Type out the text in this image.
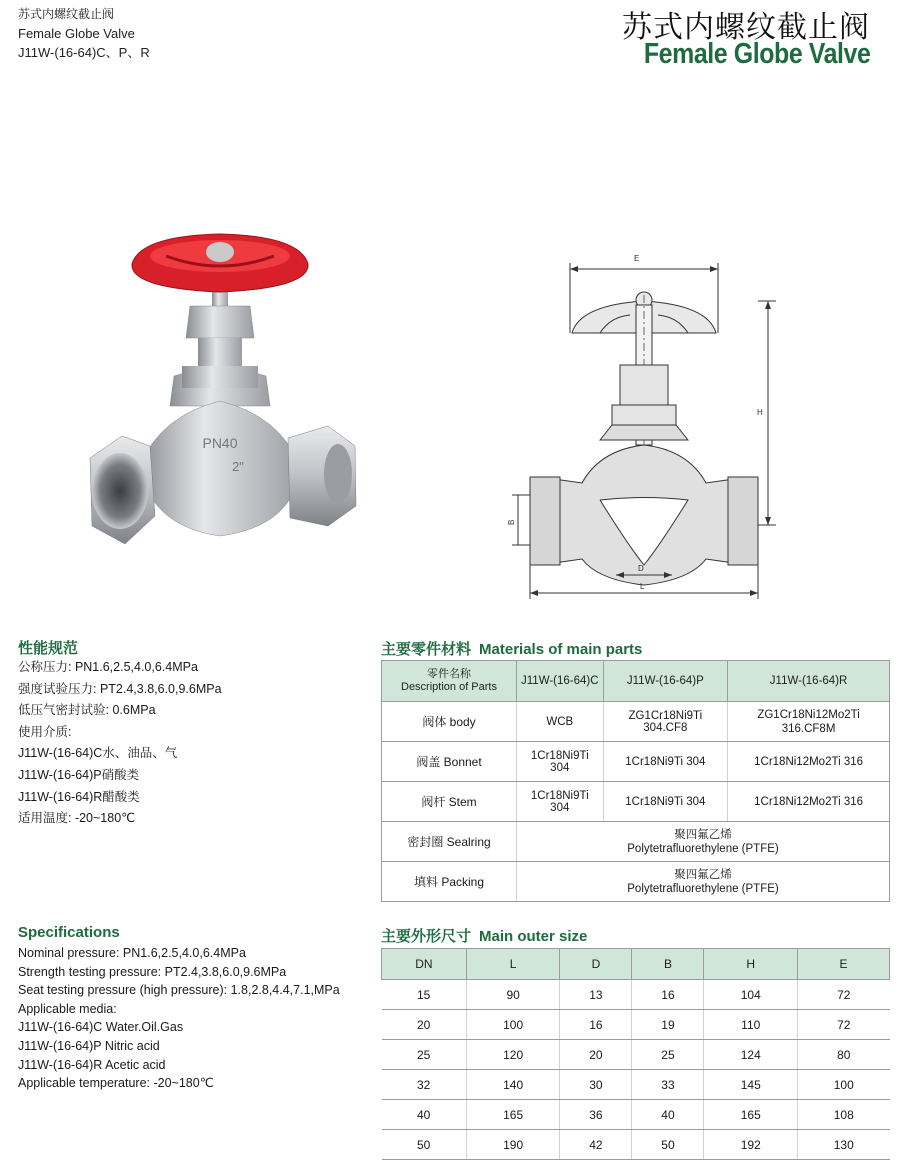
苏式内螺纹截止阀
Female Globe Valve
J11W-(16-64)C、P、R
苏式内螺纹截止阀
Female Globe Valve
PN40
2"
E
H
B
D
L
性能规范
公称压力: PN1.6,2.5,4.0,6.4MPa
强度试验压力: PT2.4,3.8,6.0,9.6MPa
低压气密封试验: 0.6MPa
使用介质:
J11W-(16-64)C水、油品、气
J11W-(16-64)P硝酸类
J11W-(16-64)R醋酸类
适用温度: -20~180℃
Specifications
Nominal pressure: PN1.6,2.5,4.0,6.4MPa
Strength testing pressure: PT2.4,3.8,6.0,9.6MPa
Seat testing pressure (high pressure): 1.8,2.8,4.4,7.1,MPa
Applicable media:
J11W-(16-64)C Water.Oil.Gas
J11W-(16-64)P Nitric acid
J11W-(16-64)R Acetic acid
Applicable temperature: -20~180℃
主要零件材料 Materials of main parts
零件名称
Description of Parts	J11W-(16-64)C	J11W-(16-64)P	J11W-(16-64)R
阀体 body	WCB	ZG1Cr18Ni9Ti 304.CF8	ZG1Cr18Ni12Mo2Ti 316.CF8M
阀盖 Bonnet	1Cr18Ni9Ti 304	1Cr18Ni9Ti 304	1Cr18Ni12Mo2Ti 316
阀杆 Stem	1Cr18Ni9Ti 304	1Cr18Ni9Ti 304	1Cr18Ni12Mo2Ti 316
密封圈 Sealring	聚四氟乙烯
Polytetrafluorethylene (PTFE)		

填料 Packing	聚四氟乙烯
Polytetrafluorethylene (PTFE)		
主要外形尺寸 Main outer size
DN	L	D	B	H	E
15	90	13	16	104	72
20	100	16	19	110	72
25	120	20	25	124	80
32	140	30	33	145	100
40	165	36	40	165	108
50	190	42	50	192	130
